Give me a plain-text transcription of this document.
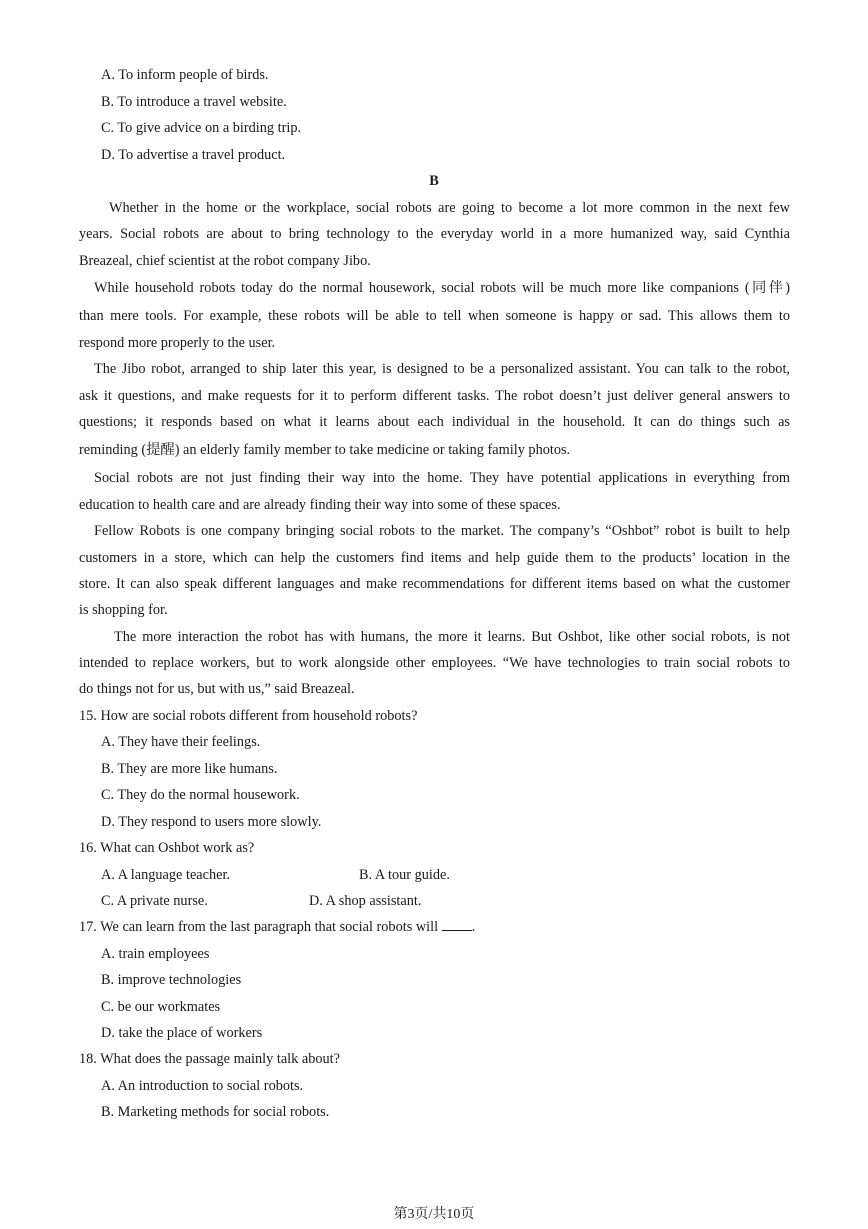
A. To inform people of birds.
B. To introduce a travel website.
C. To give advice on a birding trip.
D. To advertise a travel product.
B
Whether in the home or the workplace, social robots are going to become a lot more common in the next few
years. Social robots are about to bring technology to the everyday world in a more humanized way, said Cynthia
Breazeal, chief scientist at the robot company Jibo.
While household robots today do the normal housework, social robots will be much more like companions (同伴)
than mere tools. For example, these robots will be able to tell when someone is happy or sad. This allows them to
respond more properly to the user.
The Jibo robot, arranged to ship later this year, is designed to be a personalized assistant. You can talk to the robot,
ask it questions, and make requests for it to perform different tasks. The robot doesn’t just deliver general answers to
questions; it responds based on what it learns about each individual in the household. It can do things such as
reminding (提醒) an elderly family member to take medicine or taking family photos.
Social robots are not just finding their way into the home. They have potential applications in everything from
education to health care and are already finding their way into some of these spaces.
Fellow Robots is one company bringing social robots to the market. The company’s “Oshbot” robot is built to help
customers in a store, which can help the customers find items and help guide them to the products’ location in the
store. It can also speak different languages and make recommendations for different items based on what the customer
is shopping for.
The more interaction the robot has with humans, the more it learns. But Oshbot, like other social robots, is not
intended to replace workers, but to work alongside other employees. “We have technologies to train social robots to
do things not for us, but with us,” said Breazeal.
15. How are social robots different from household robots?
A. They have their feelings.
B. They are more like humans.
C. They do the normal housework.
D. They respond to users more slowly.
16. What can Oshbot work as?
A. A language teacher.	B. A tour guide.
C. A private nurse.	D. A shop assistant.
17. We can learn from the last paragraph that social robots will .
A. train employees
B. improve technologies
C. be our workmates
D. take the place of workers
18. What does the passage mainly talk about?
A. An introduction to social robots.
B. Marketing methods for social robots.
第3页/共10页
